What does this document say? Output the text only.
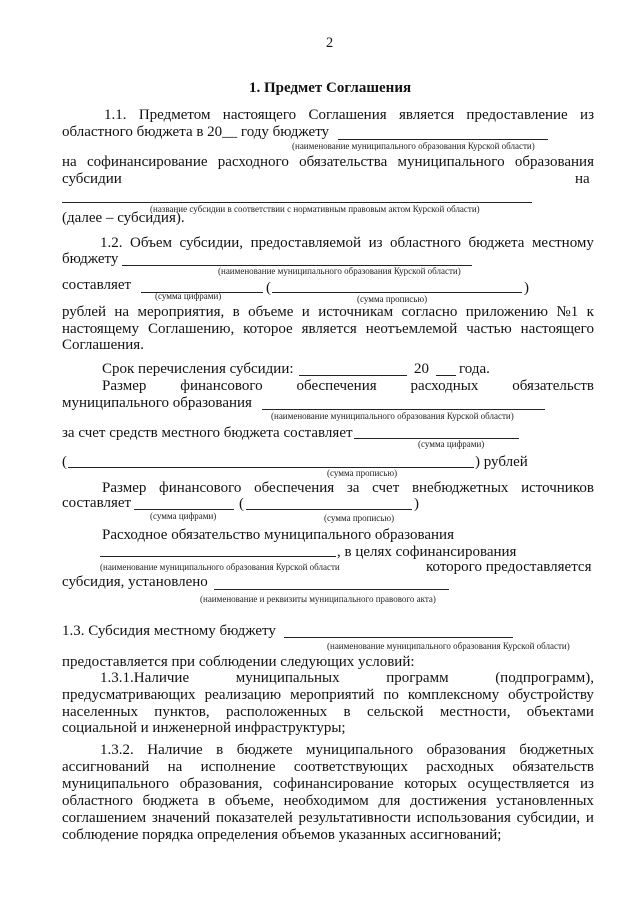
2
1. Предмет Соглашения
1.1. Предметом настоящего Соглашения является предоставление из
областного бюджета в 20__ году бюджету
(наименование муниципального образования Курской области)
на софинансирование расходного обязательства муниципального образования
субсидии	на
(название субсидии в соответствии с нормативным правовым актом Курской области)
(далее – субсидия).
1.2. Объем субсидии, предоставляемой из областного бюджета местному
бюджету
(наименование муниципального образования Курской области)
составляет	(	)
(сумма цифрами)	(сумма прописью)
рублей на мероприятия, в объеме и источникам согласно приложению №1 к
настоящему Соглашению, которое является неотъемлемой частью настоящего
Соглашения.
Срок перечисления субсидии:	20 года.
Размер финансового обеспечения расходных обязательств
муниципального образования
(наименование муниципального образования Курской области)
за счет средств местного бюджета составляет
(сумма цифрами)
(	) рублей
(сумма прописью)
Размер финансового обеспечения за счет внебюджетных источников
составляет	(	)
(сумма цифрами)	(сумма прописью)
Расходное обязательство муниципального образования
, в целях софинансирования
(наименование муниципального образования Курской области	которого предоставляется
субсидия, установлено
(наименование и реквизиты муниципального правового акта)
1.3. Субсидия местному бюджету
(наименование муниципального образования Курской области)
предоставляется при соблюдении следующих условий:
1.3.1.Наличие	муниципальных	программ	(подпрограмм),
предусматривающих реализацию мероприятий по комплексному обустройству
населенных пунктов, расположенных в сельской местности, объектами
социальной и инженерной инфраструктуры;
1.3.2. Наличие в бюджете муниципального образования бюджетных
ассигнований на исполнение соответствующих расходных обязательств
муниципального образования, софинансирование которых осуществляется из
областного бюджета в объеме, необходимом для достижения установленных
соглашением значений показателей результативности использования субсидии, и
соблюдение порядка определения объемов указанных ассигнований;
